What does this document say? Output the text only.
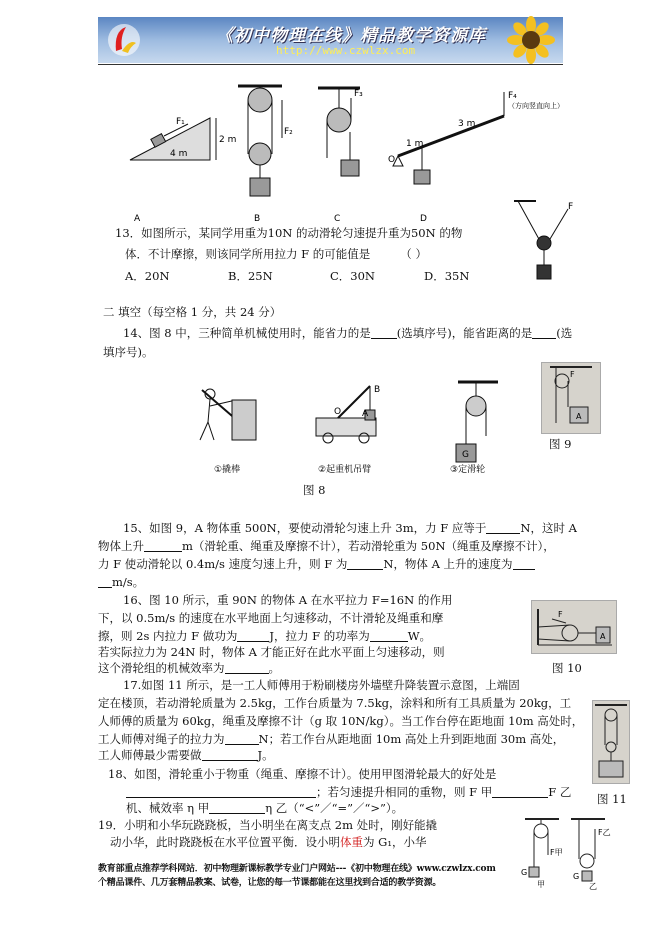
《初中物理在线》精品教学资源库
http://www.czwlzx.com
A	B	C	D
4 m
2 m
F₁
F₂
F₃
3 m
F₄
O
1 m
（方向竖直向上）
13．如图所示，某同学用重为10N 的动滑轮匀速提升重为50N 的物
体．不计摩擦，则该同学所用拉力 F 的可能值是	（ ）
A．20N	B．25N	C．30N	D．35N
F
二 填空（每空格 1 分，共 24 分）
14、图 8 中，三种简单机械使用时，能省力的是 (选填序号)，能省距离的是 (选
填序号)。
G
①撬棒	②起重机吊臂	③定滑轮
B
O A
图 8
A
F
图 9
15、如图 9，A 物体重 500N，要使动滑轮匀速上升 3m，力 F 应等于	N，这时 A
物体上升	m（滑轮重、绳重及摩擦不计），若动滑轮重为 50N（绳重及摩擦不计），
力 F 使动滑轮以 0.4m/s 速度匀速上升，则 F 为	N，物体 A 上升的速度为
m/s。
16、图 10 所示，重 90N 的物体 A 在水平拉力 F=16N 的作用
下，以 0.5m/s 的速度在水平地面上匀速移动，不计滑轮及绳重和摩
擦，则 2s 内拉力 F 做功为	J，拉力 F 的功率为	W。
若实际拉力为 24N 时，物体 A 才能正好在此水平面上匀速移动，则
这个滑轮组的机械效率为	。
F
A
图 10
17.如图 11 所示，是一工人师傅用于粉刷楼房外墙壁升降装置示意图，上端固
定在楼顶，若动滑轮质量为 2.5kg，工作台质量为 7.5kg，涂料和所有工具质量为 20kg，工
人师傅的质量为 60kg，绳重及摩擦不计（g 取 10N/kg）。当工作台停在距地面 10m 高处时，
工人师傅对绳子的拉力为	N；若工作台从距地面 10m 高处上升到距地面 30m 高处，
工人师傅最少需要做	J。
图 11
18、如图，滑轮重小于物重（绳重、摩擦不计）。使用甲图滑轮最大的好处是
；若匀速提升相同的重物，则 F 甲	F 乙
机、械效率 η 甲	η 乙（“<”／“=”／“>”）。
19．小明和小华玩跷跷板，当小明坐在离支点 2m 处时，刚好能撬
动小华，此时跷跷板在水平位置平衡．设小明体重为 G₁，小华
F甲
F乙
G	G
甲	乙
教育部重点推荐学科网站．初中物理新课标教学专业门户网站---《初中物理在线》www.czwlzx.com
个精品课件、几万套精品教案、试卷，让您的每一节课都能在这里找到合适的教学资源。
